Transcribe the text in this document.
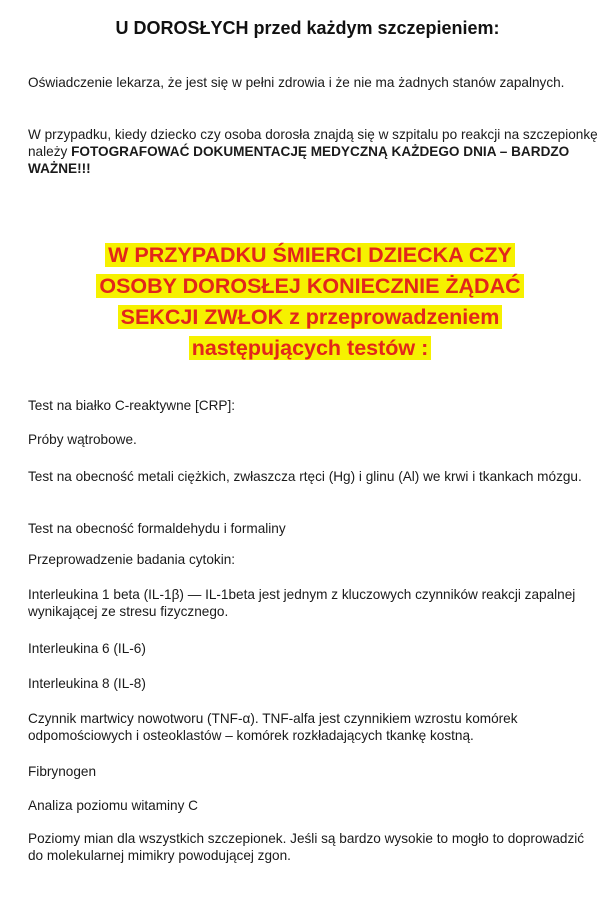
U DOROSŁYCH przed każdym szczepieniem:

Oświadczenie lekarza, że jest się w pełni zdrowia i że nie ma żadnych stanów zapalnych.

W przypadku, kiedy dziecko czy osoba dorosła znajdą się w szpitalu po reakcji na szczepionkę należy FOTOGRAFOWAĆ DOKUMENTACJĘ MEDYCZNĄ KAŻDEGO DNIA – BARDZO WAŻNE!!!

W PRZYPADKU ŚMIERCI DZIECKA CZY
OSOBY DOROSŁEJ KONIECZNIE ŻĄDAĆ
SEKCJI ZWŁOK z przeprowadzeniem
następujących testów :

Test na białko C-reaktywne [CRP]:

Próby wątrobowe.

Test na obecność metali ciężkich, zwłaszcza rtęci (Hg) i glinu (Al) we krwi i tkankach mózgu.

Test na obecność formaldehydu i formaliny

Przeprowadzenie badania cytokin:

Interleukina 1 beta (IL-1β) — IL-1beta jest jednym z kluczowych czynników reakcji zapalnej wynikającej ze stresu fizycznego.

Interleukina 6 (IL-6)

Interleukina 8 (IL-8)

Czynnik martwicy nowotworu (TNF-α). TNF-alfa jest czynnikiem wzrostu komórek odpomościowych i osteoklastów – komórek rozkładających tkankę kostną.

Fibrynogen

Analiza poziomu witaminy C

Poziomy mian dla wszystkich szczepionek. Jeśli są bardzo wysokie to mogło to doprowadzić do molekularnej mimikry powodującej zgon.
